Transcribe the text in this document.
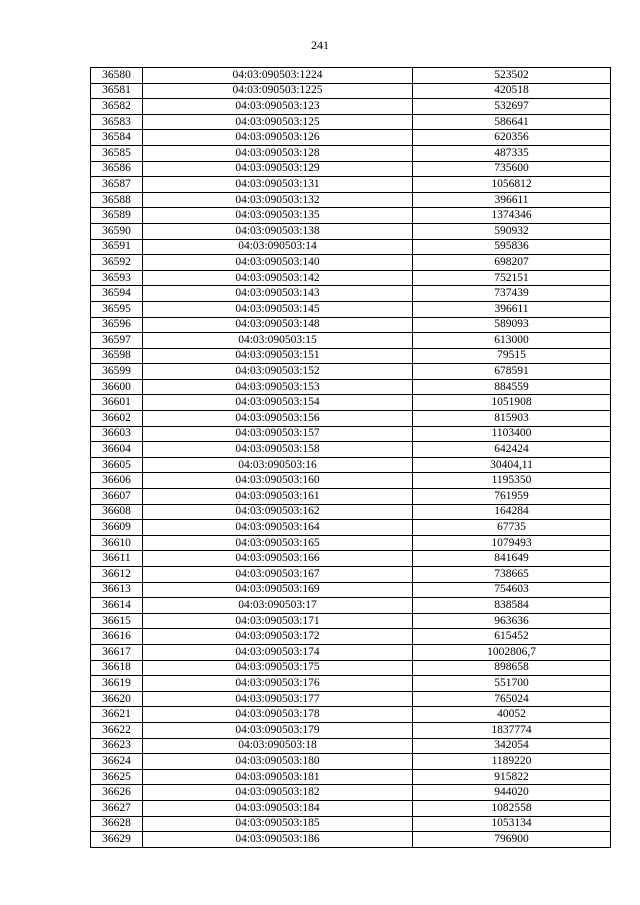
241
36580	04:03:090503:1224	523502
36581	04:03:090503:1225	420518
36582	04:03:090503:123	532697
36583	04:03:090503:125	586641
36584	04:03:090503:126	620356
36585	04:03:090503:128	487335
36586	04:03:090503:129	735600
36587	04:03:090503:131	1056812
36588	04:03:090503:132	396611
36589	04:03:090503:135	1374346
36590	04:03:090503:138	590932
36591	04:03:090503:14	595836
36592	04:03:090503:140	698207
36593	04:03:090503:142	752151
36594	04:03:090503:143	737439
36595	04:03:090503:145	396611
36596	04:03:090503:148	589093
36597	04:03:090503:15	613000
36598	04:03:090503:151	79515
36599	04:03:090503:152	678591
36600	04:03:090503:153	884559
36601	04:03:090503:154	1051908
36602	04:03:090503:156	815903
36603	04:03:090503:157	1103400
36604	04:03:090503:158	642424
36605	04:03:090503:16	30404,11
36606	04:03:090503:160	1195350
36607	04:03:090503:161	761959
36608	04:03:090503:162	164284
36609	04:03:090503:164	67735
36610	04:03:090503:165	1079493
36611	04:03:090503:166	841649
36612	04:03:090503:167	738665
36613	04:03:090503:169	754603
36614	04:03:090503:17	838584
36615	04:03:090503:171	963636
36616	04:03:090503:172	615452
36617	04:03:090503:174	1002806,7
36618	04:03:090503:175	898658
36619	04:03:090503:176	551700
36620	04:03:090503:177	765024
36621	04:03:090503:178	40052
36622	04:03:090503:179	1837774
36623	04:03:090503:18	342054
36624	04:03:090503:180	1189220
36625	04:03:090503:181	915822
36626	04:03:090503:182	944020
36627	04:03:090503:184	1082558
36628	04:03:090503:185	1053134
36629	04:03:090503:186	796900
